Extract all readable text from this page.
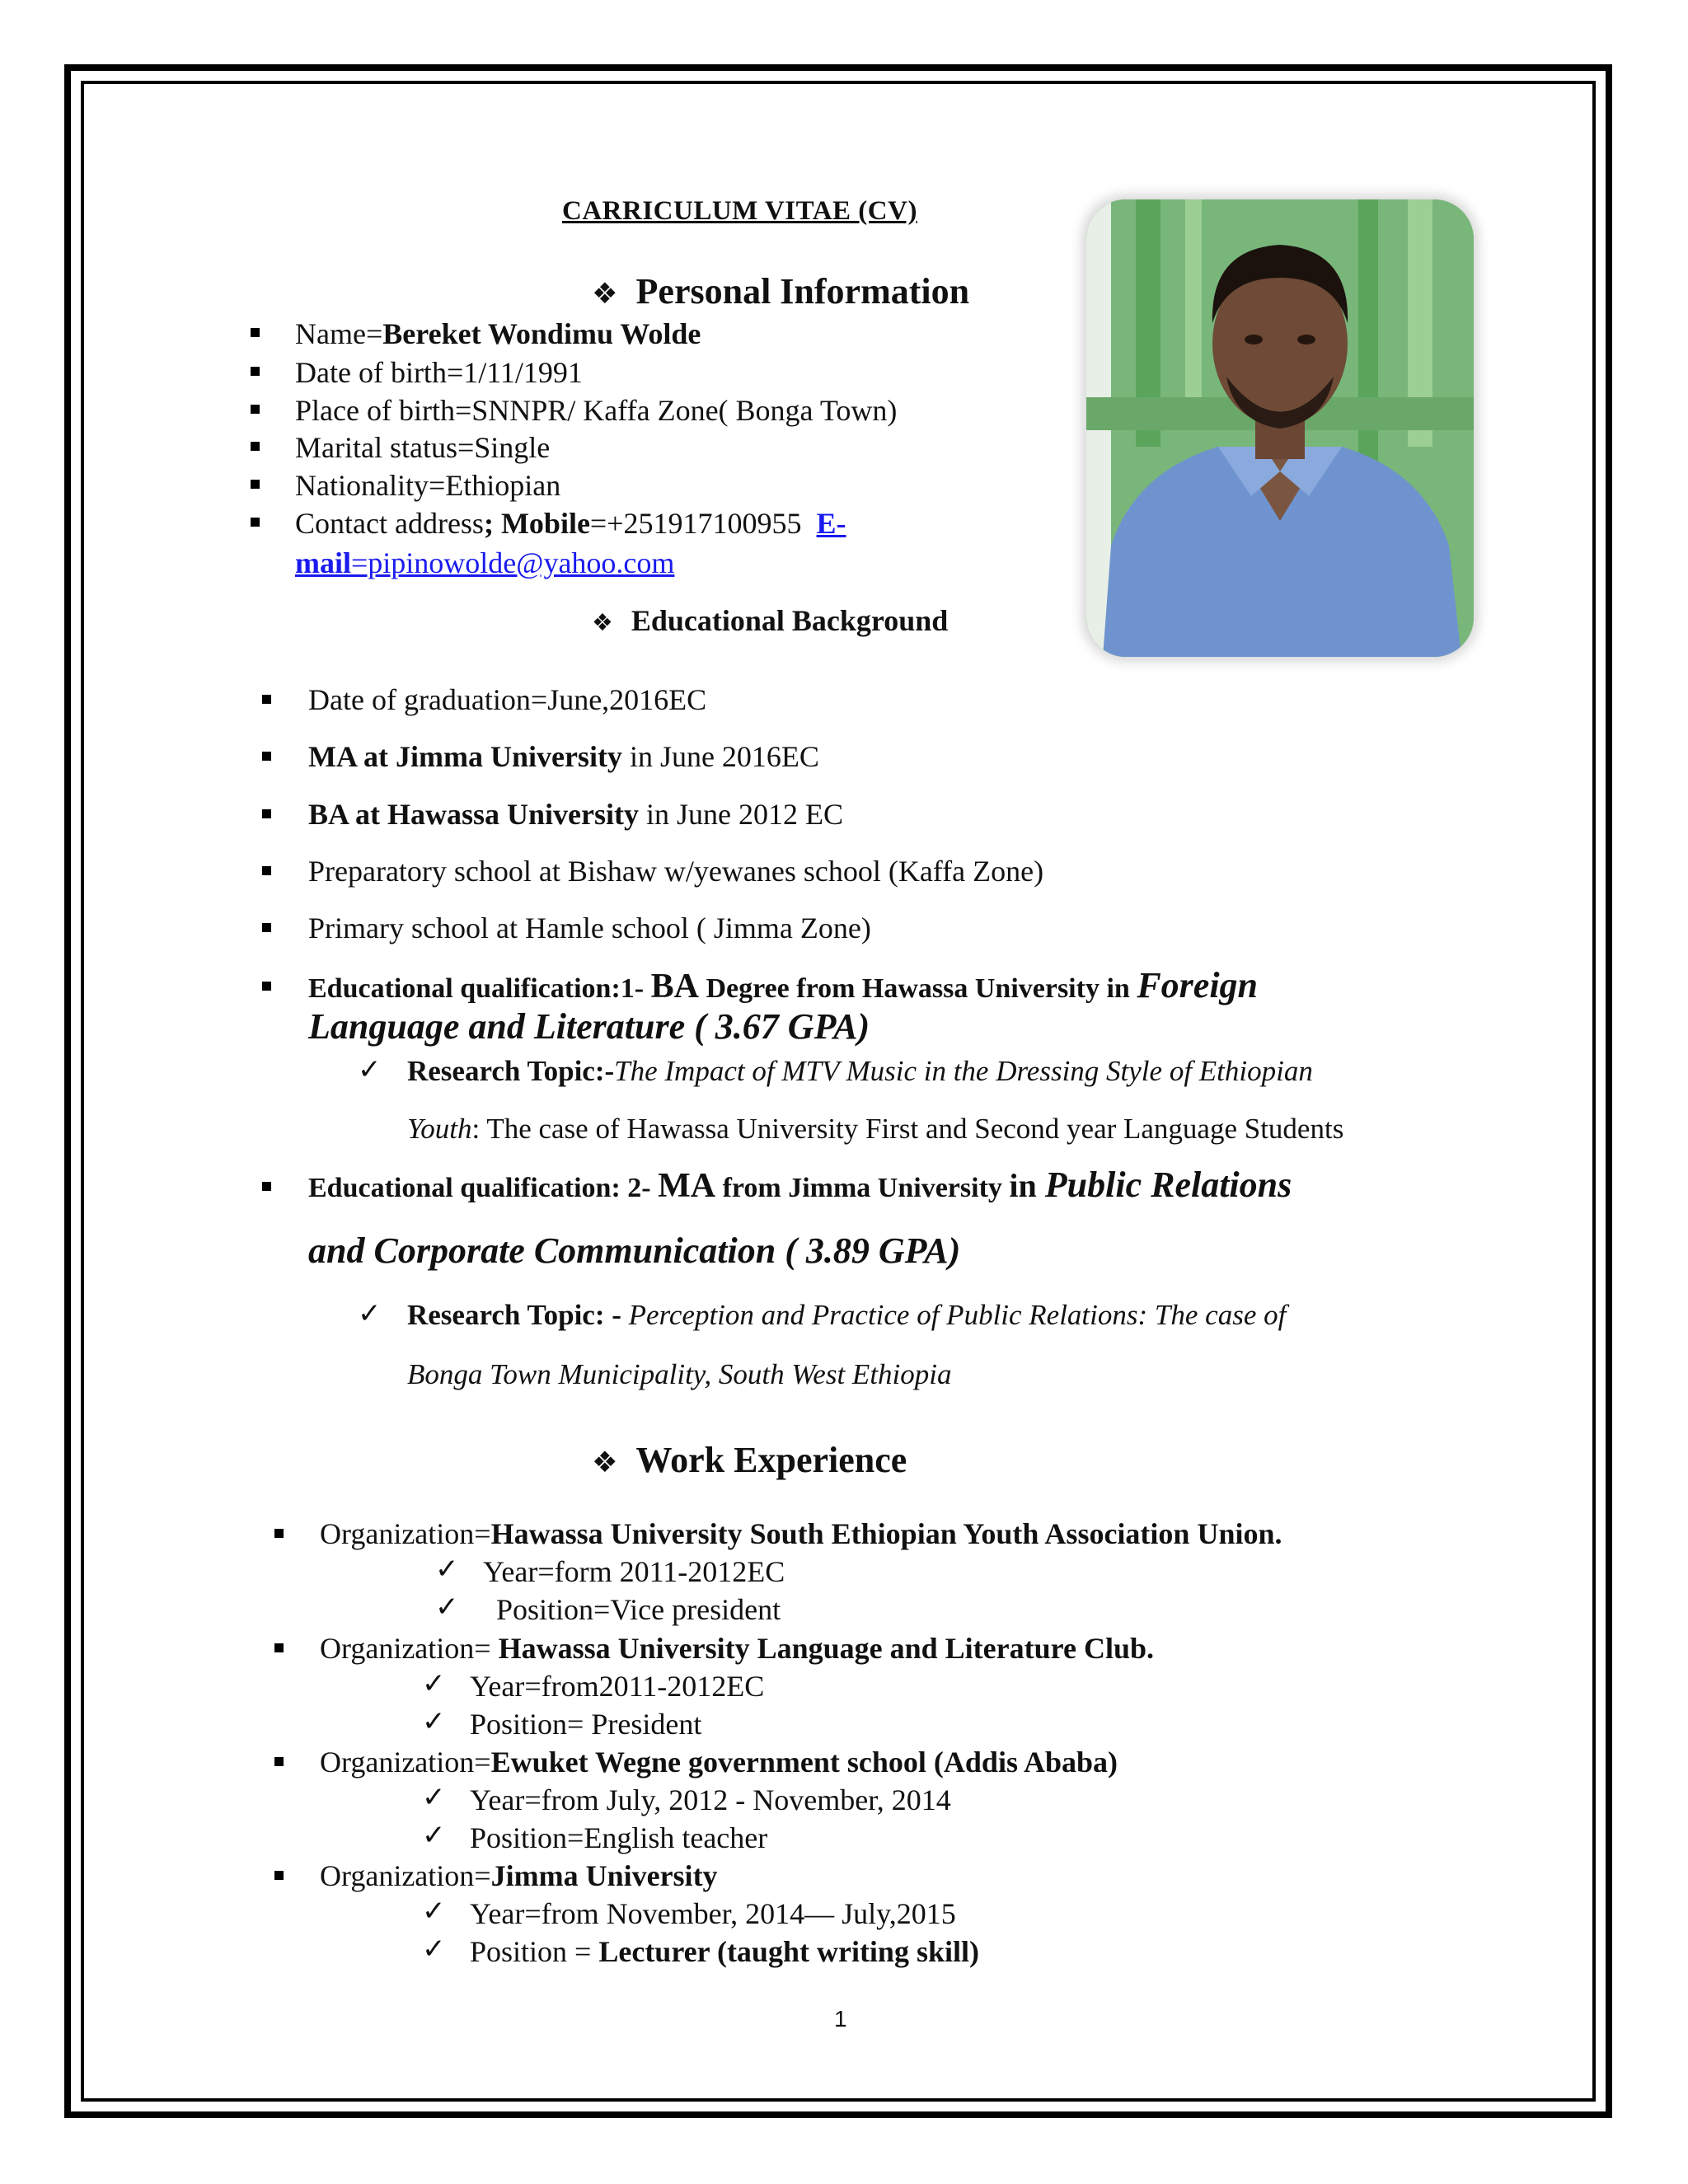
CARRICULUM VITAE (CV)
❖ Personal Information
Name=Bereket Wondimu Wolde
Date of birth=1/11/1991
Place of birth=SNNPR/ Kaffa Zone( Bonga Town)
Marital status=Single
Nationality=Ethiopian
Contact address; Mobile=+251917100955 E-
mail=pipinowolde@yahoo.com
❖ Educational Background
Date of graduation=June,2016EC
MA at Jimma University in June 2016EC
BA at Hawassa University in June 2012 EC
Preparatory school at Bishaw w/yewanes school (Kaffa Zone)
Primary school at Hamle school ( Jimma Zone)
Educational qualification:1- BA Degree from Hawassa University in Foreign
Language and Literature ( 3.67 GPA)
✓ Research Topic:-The Impact of MTV Music in the Dressing Style of Ethiopian
Youth: The case of Hawassa University First and Second year Language Students
Educational qualification: 2- MA from Jimma University in Public Relations
and Corporate Communication ( 3.89 GPA)
✓ Research Topic: - Perception and Practice of Public Relations: The case of
Bonga Town Municipality, South West Ethiopia
❖ Work Experience
Organization=Hawassa University South Ethiopian Youth Association Union.
✓ Year=form 2011-2012EC
✓ Position=Vice president
Organization= Hawassa University Language and Literature Club.
✓ Year=from2011-2012EC
✓ Position= President
Organization=Ewuket Wegne government school (Addis Ababa)
✓ Year=from July, 2012 - November, 2014
✓ Position=English teacher
Organization=Jimma University
✓ Year=from November, 2014— July,2015
✓ Position = Lecturer (taught writing skill)
1
